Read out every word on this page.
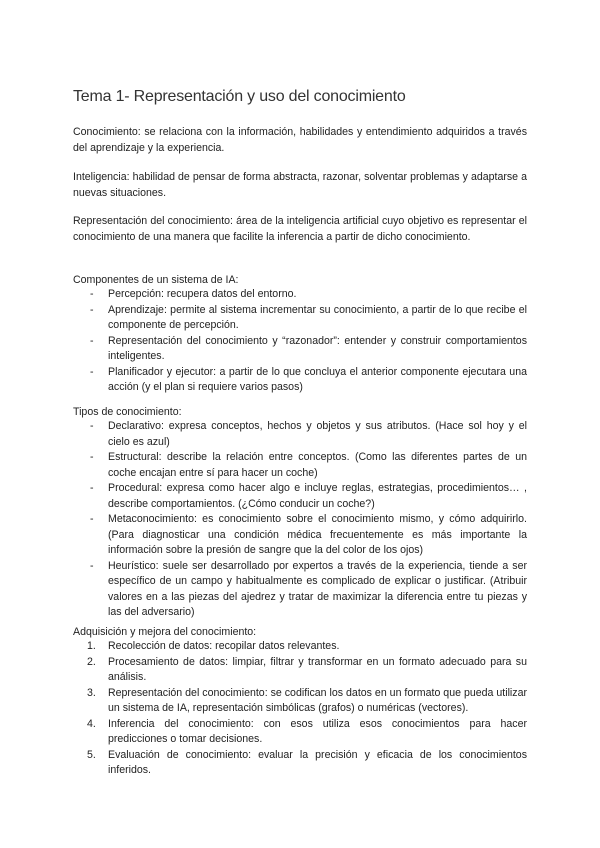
Tema 1- Representación y uso del conocimiento

Conocimiento: se relaciona con la información, habilidades y entendimiento adquiridos a través del aprendizaje y la experiencia.

Inteligencia: habilidad de pensar de forma abstracta, razonar, solventar problemas y adaptarse a nuevas situaciones.

Representación del conocimiento: área de la inteligencia artificial cuyo objetivo es representar el conocimiento de una manera que facilite la inferencia a partir de dicho conocimiento.

Componentes de un sistema de IA:
- Percepción: recupera datos del entorno.
- Aprendizaje: permite al sistema incrementar su conocimiento, a partir de lo que recibe el componente de percepción.
- Representación del conocimiento y “razonador”: entender y construir comportamientos inteligentes.
- Planificador y ejecutor: a partir de lo que concluya el anterior componente ejecutara una acción (y el plan si requiere varios pasos)
Tipos de conocimiento:
- Declarativo: expresa conceptos, hechos y objetos y sus atributos. (Hace sol hoy y el cielo es azul)
- Estructural: describe la relación entre conceptos. (Como las diferentes partes de un coche encajan entre sí para hacer un coche)
- Procedural: expresa como hacer algo e incluye reglas, estrategias, procedimientos… , describe comportamientos. (¿Cómo conducir un coche?)
- Metaconocimiento: es conocimiento sobre el conocimiento mismo, y cómo adquirirlo. (Para diagnosticar una condición médica frecuentemente es más importante la información sobre la presión de sangre que la del color de los ojos)
- Heurístico: suele ser desarrollado por expertos a través de la experiencia, tiende a ser específico de un campo y habitualmente es complicado de explicar o justificar. (Atribuir valores en a las piezas del ajedrez y tratar de maximizar la diferencia entre tu piezas y las del adversario)
Adquisición y mejora del conocimiento:
1. Recolección de datos: recopilar datos relevantes.
2. Procesamiento de datos: limpiar, filtrar y transformar en un formato adecuado para su análisis.
3. Representación del conocimiento: se codifican los datos en un formato que pueda utilizar un sistema de IA, representación simbólicas (grafos) o numéricas (vectores).
4. Inferencia del conocimiento: con esos utiliza esos conocimientos para hacer predicciones o tomar decisiones.
5. Evaluación de conocimiento: evaluar la precisión y eficacia de los conocimientos inferidos.
